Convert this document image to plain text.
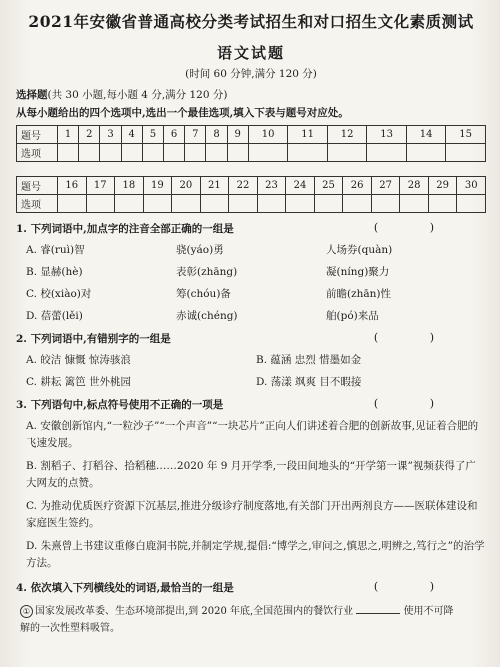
2021年安徽省普通高校分类考试招生和对口招生文化素质测试
语文试题
(时间 60 分钟,满分 120 分)
选择题(共 30 小题,每小题 4 分,满分 120 分)
从每小题给出的四个选项中,选出一个最佳选项,填入下表与题号对应处。
题号	1	2	3	4	5	6	7	8	9	10	11	12	13	14	15
选项															
题号	16	17	18	19	20	21	22	23	24	25	26	27	28	29	30
选项															
1. 下列词语中,加点字的注音全部正确的一组是	( )
A. 睿(ruì)智	骁(yáo)勇	人场券(quàn)
B. 显赫(hè)	表彰(zhāng)	凝(níng)聚力
C. 校(xiào)对	筹(chóu)备	前瞻(zhān)性
D. 蓓蕾(lěi)	赤诚(chéng)	舶(pó)来品
2. 下列词语中,有错别字的一组是	( )
A. 皎洁 慷慨 惊涛骇浪	B. 蕴涵 忠烈 惜墨如金
C. 耕耘 篱笆 世外桃园	D. 荡漾 飒爽 目不暇接
3. 下列语句中,标点符号使用不正确的一项是	( )
A. 安徽创新馆内,“一粒沙子”“一个声音”“一块芯片”正向人们讲述着合肥的创新故事,见证着合肥的飞速发展。
B. 割稻子、打稻谷、拾稻穗……2020 年 9 月开学季,一段田间地头的“开学第一课”视频获得了广大网友的点赞。
C. 为推动优质医疗资源下沉基层,推进分级诊疗制度落地,有关部门开出两剂良方——医联体建设和家庭医生签约。
D. 朱熹曾上书建议重修白鹿洞书院,并制定学规,提倡:“博学之,审问之,慎思之,明辨之,笃行之”的治学方法。
4. 依次填入下列横线处的词语,最恰当的一组是	( )
① 国家发展改革委、生态环境部提出,到 2020 年底,全国范围内的餐饮行业	使用不可降
解的一次性塑料吸管。
